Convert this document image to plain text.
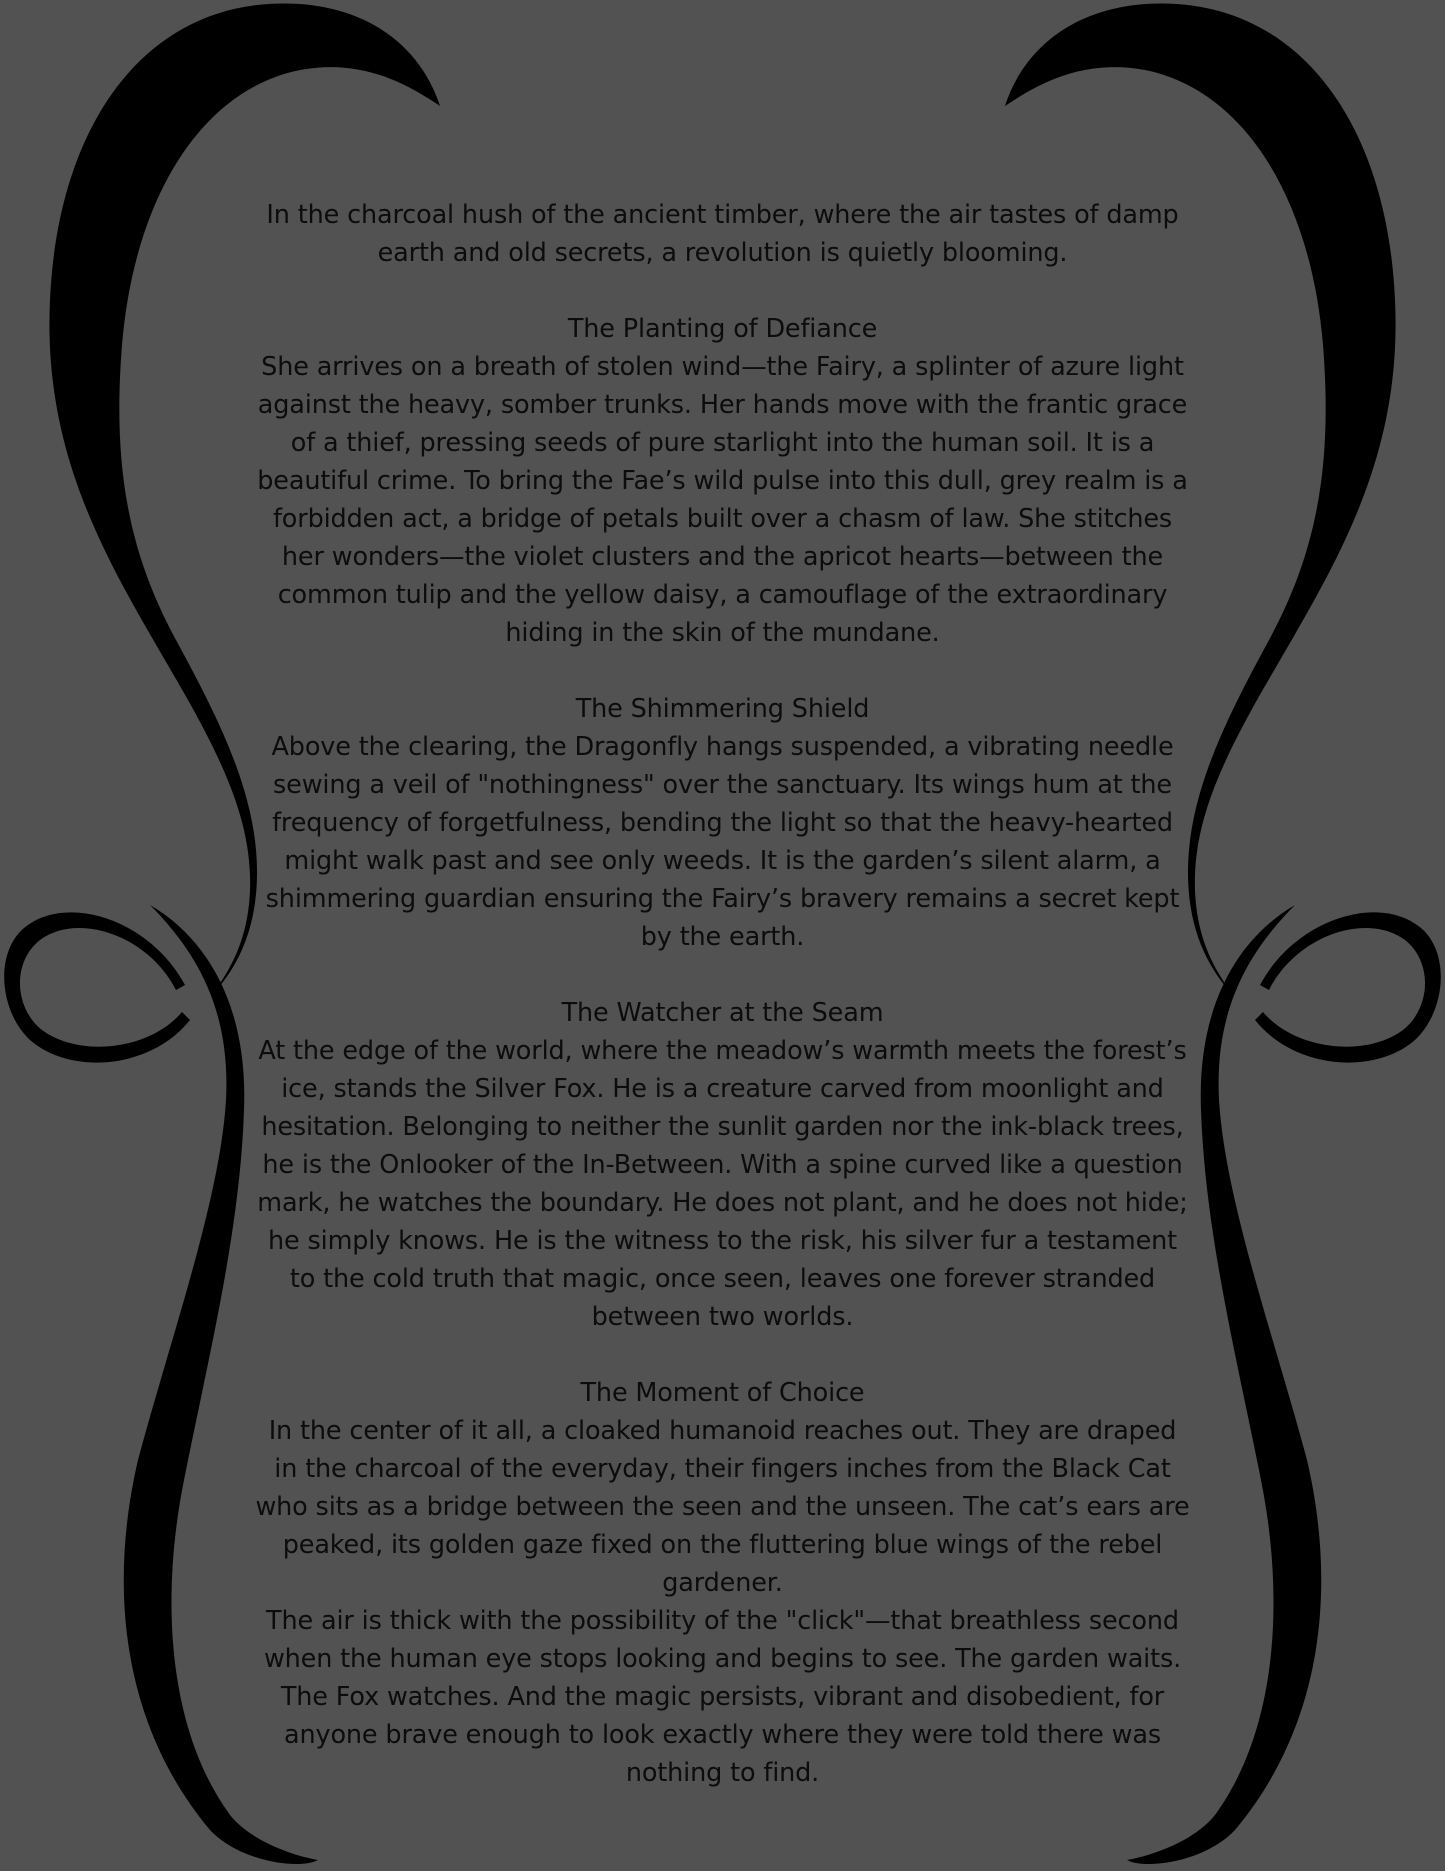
In the charcoal hush of the ancient timber, where the air tastes of damp earth and old secrets, a revolution is quietly blooming.

The Planting of Defiance

She arrives on a breath of stolen wind—the Fairy, a splinter of azure light against the heavy, somber trunks. Her hands move with the frantic grace of a thief, pressing seeds of pure starlight into the human soil. It is a beautiful crime. To bring the Fae’s wild pulse into this dull, grey realm is a forbidden act, a bridge of petals built over a chasm of law. She stitches her wonders—the violet clusters and the apricot hearts—between the common tulip and the yellow daisy, a camouflage of the extraordinary hiding in the skin of the mundane.

The Shimmering Shield

Above the clearing, the Dragonfly hangs suspended, a vibrating needle sewing a veil of "nothingness" over the sanctuary. Its wings hum at the frequency of forgetfulness, bending the light so that the heavy-hearted might walk past and see only weeds. It is the garden’s silent alarm, a shimmering guardian ensuring the Fairy’s bravery remains a secret kept by the earth.

The Watcher at the Seam

At the edge of the world, where the meadow’s warmth meets the forest’s ice, stands the Silver Fox. He is a creature carved from moonlight and hesitation. Belonging to neither the sunlit garden nor the ink-black trees, he is the Onlooker of the In-Between. With a spine curved like a question mark, he watches the boundary. He does not plant, and he does not hide; he simply knows. He is the witness to the risk, his silver fur a testament to the cold truth that magic, once seen, leaves one forever stranded between two worlds.

The Moment of Choice

In the center of it all, a cloaked humanoid reaches out. They are draped in the charcoal of the everyday, their fingers inches from the Black Cat who sits as a bridge between the seen and the unseen. The cat’s ears are peaked, its golden gaze fixed on the fluttering blue wings of the rebel gardener.

The air is thick with the possibility of the "click"—that breathless second when the human eye stops looking and begins to see. The garden waits. The Fox watches. And the magic persists, vibrant and disobedient, for anyone brave enough to look exactly where they were told there was nothing to find.
